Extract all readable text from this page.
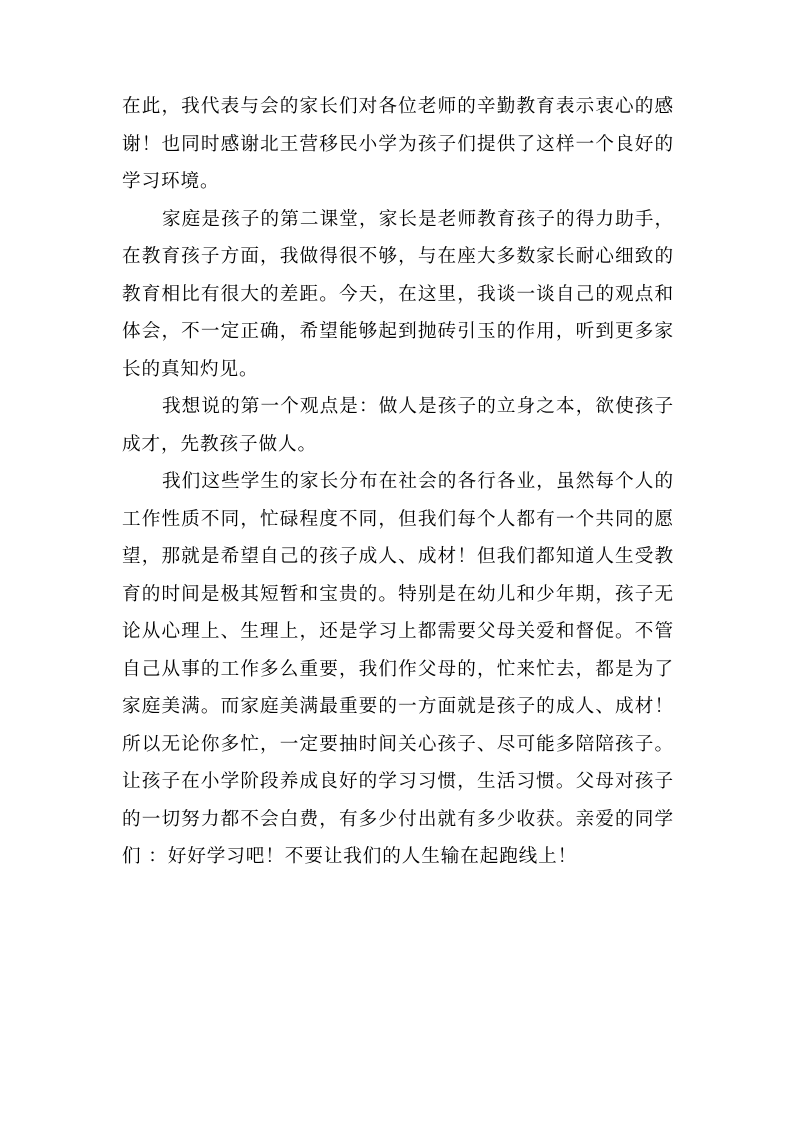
在此，我代表与会的家长们对各位老师的辛勤教育表示衷心的感谢！也同时感谢北王营移民小学为孩子们提供了这样一个良好的学习环境。

家庭是孩子的第二课堂，家长是老师教育孩子的得力助手，在教育孩子方面，我做得很不够，与在座大多数家长耐心细致的教育相比有很大的差距。今天，在这里，我谈一谈自己的观点和体会，不一定正确，希望能够起到抛砖引玉的作用，听到更多家长的真知灼见。

我想说的第一个观点是：做人是孩子的立身之本，欲使孩子成才，先教孩子做人。

我们这些学生的家长分布在社会的各行各业，虽然每个人的工作性质不同，忙碌程度不同，但我们每个人都有一个共同的愿望，那就是希望自己的孩子成人、成材！但我们都知道人生受教育的时间是极其短暂和宝贵的。特别是在幼儿和少年期，孩子无论从心理上、生理上，还是学习上都需要父母关爱和督促。不管自己从事的工作多么重要，我们作父母的，忙来忙去，都是为了家庭美满。而家庭美满最重要的一方面就是孩子的成人、成材！所以无论你多忙，一定要抽时间关心孩子、尽可能多陪陪孩子。让孩子在小学阶段养成良好的学习习惯，生活习惯。父母对孩子的一切努力都不会白费，有多少付出就有多少收获。亲爱的同学们 ：好好学习吧！不要让我们的人生输在起跑线上！
